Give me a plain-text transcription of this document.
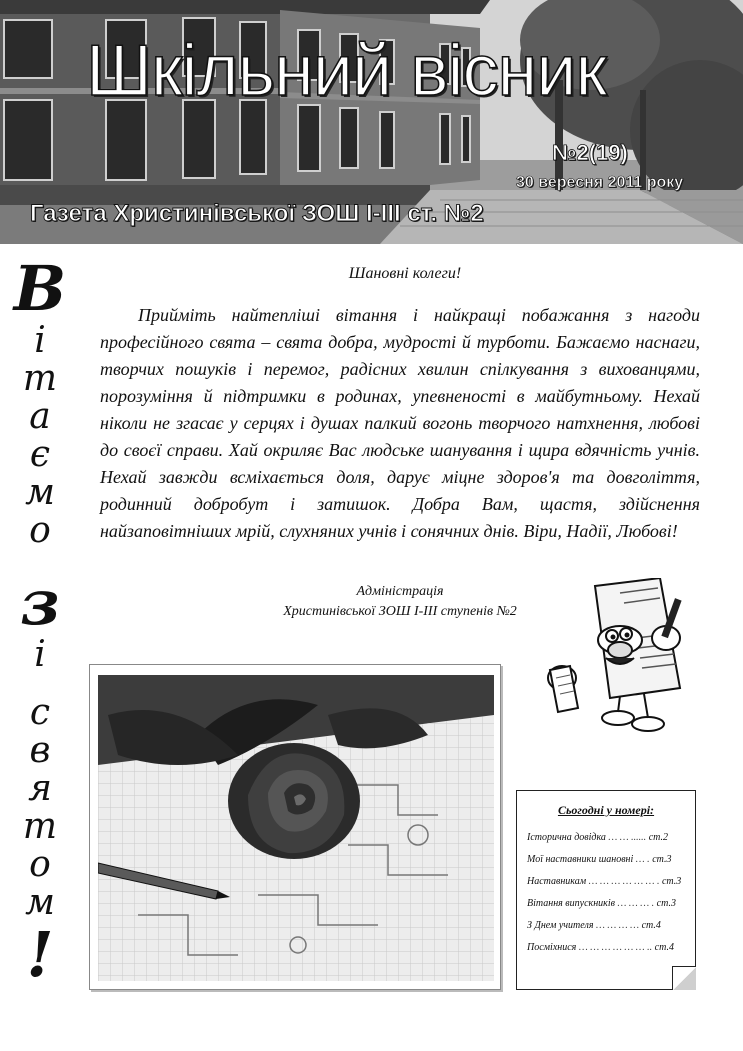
Шкільний вісник
№2(19)
30 вересня 2011 року
Газета Христинівської ЗОШ I-III ст. №2
В
і
т
а
є
м
о
з
і
с
в
я
т
о
м
!
Шановні колеги!

Прийміть найтепліші вітання і найкращі побажання з нагоди професійного свята – свята добра, мудрості й турботи. Бажаємо наснаги, творчих пошуків і перемог, радісних хвилин спілкування з вихованцями, порозуміння й підтримки в родинах, упевненості в майбутньому. Нехай ніколи не згасає у серцях і душах палкий вогонь творчого натхнення, любові до своєї справи. Хай окриляє Вас людське шанування і щира вдячність учнів. Нехай завжди всміхається доля, дарує міцне здоров'я та довголіття, родинний добробут і затишок. Добра Вам, щастя, здійснення найзаповітніших мрій, слухняних учнів і сонячних днів. Віри, Надії, Любові!

Адміністрація
Христинівської ЗОШ І-ІІІ ступенів №2
Сьогодні у номері:
Історична довідка … … ...... ст.2
Мої наставники шановні … . ст.3
Наставникам … … … … … … . ст.3
Вітання випускників … … … . ст.3
З Днем учителя … … … … ст.4
Посміхнися … … … … … … .. ст.4
